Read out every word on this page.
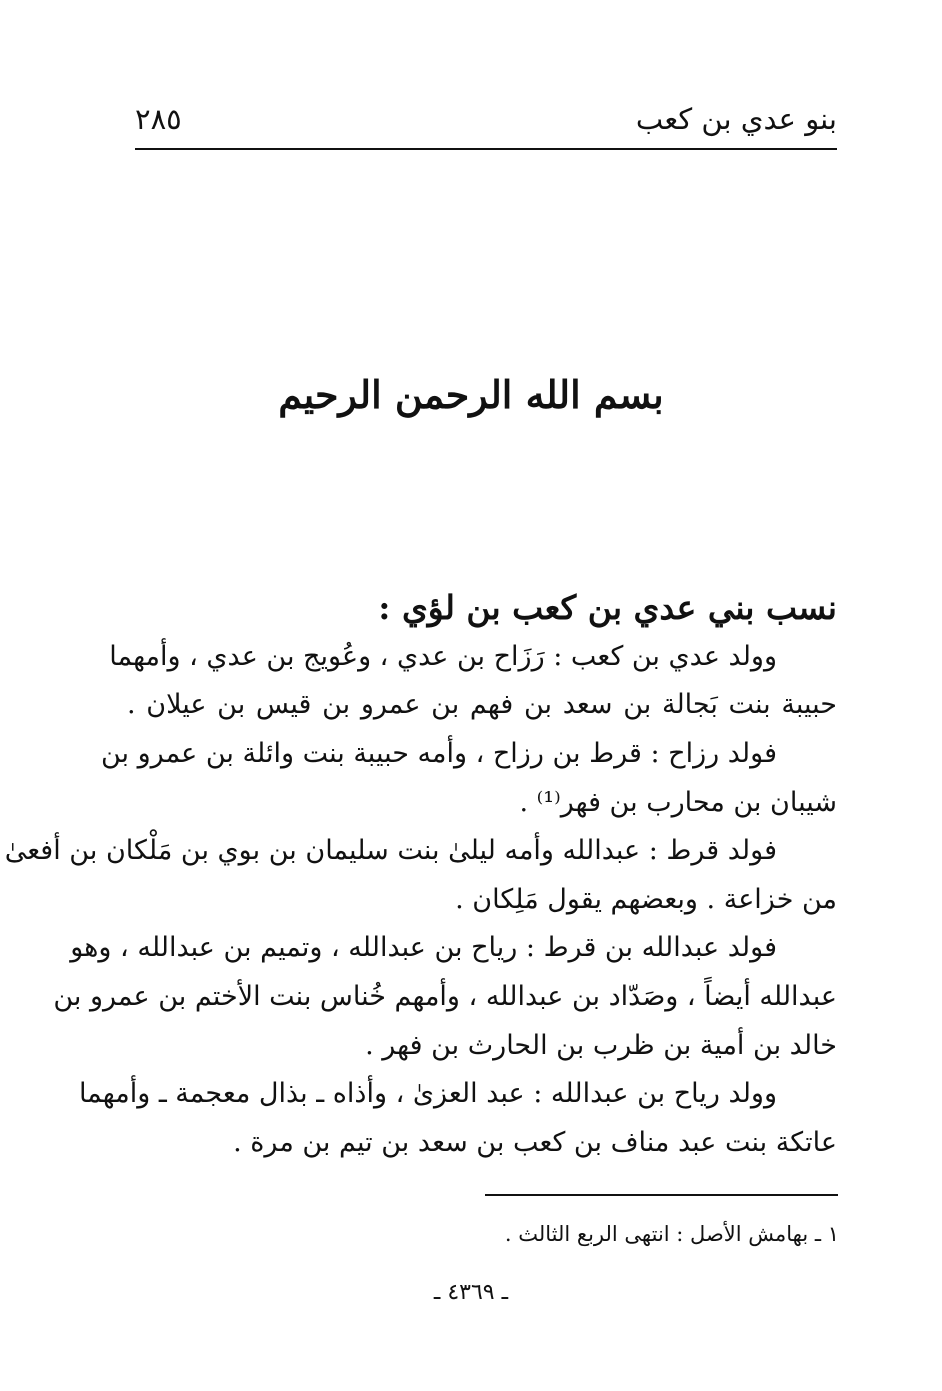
بنو عدي بن كعب
٢٨٥
بسم الله الرحمن الرحيم
نسب بني عدي بن كعب بن لؤي :
وولد عدي بن كعب : رَزَاح بن عدي ، وعُويج بن عدي ، وأمهما
حبيبة بنت بَجالة بن سعد بن فهم بن عمرو بن قيس بن عيلان .
فولد رزاح : قرط بن رزاح ، وأمه حبيبة بنت وائلة بن عمرو بن
شيبان بن محارب بن فهر⁽¹⁾ .
فولد قرط : عبدالله وأمه ليلىٰ بنت سليمان بن بوي بن مَلْكان بن أفعىٰ
من خزاعة . وبعضهم يقول مَلِكان .
فولد عبدالله بن قرط : رياح بن عبدالله ، وتميم بن عبدالله ، وهو
عبدالله أيضاً ، وصَدّاد بن عبدالله ، وأمهم خُناس بنت الأختم بن عمرو بن
خالد بن أمية بن ظرب بن الحارث بن فهر .
وولد رياح بن عبدالله : عبد العزىٰ ، وأذاه ـ بذال معجمة ـ وأمهما
عاتكة بنت عبد مناف بن كعب بن سعد بن تيم بن مرة .
١ ـ بهامش الأصل : انتهى الربع الثالث .
ـ ٤٣٦٩ ـ
